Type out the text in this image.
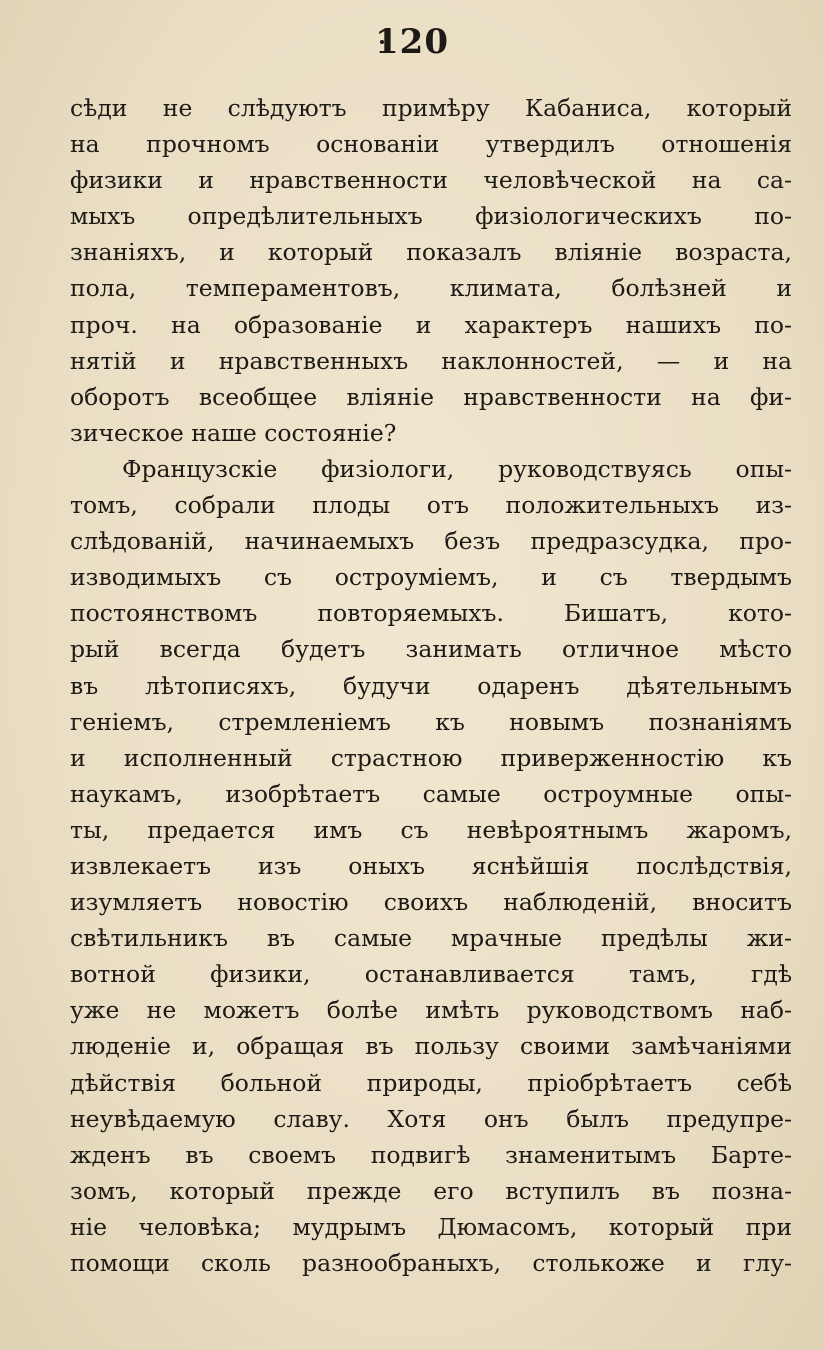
120
сѣди не слѣдуютъ примѣру Кабаниса, который
на прочномъ основанiи утвердилъ отношенiя
физики и нравственности человѣческой на са-
мыхъ опредѣлительныхъ физiологическихъ по-
знанiяхъ, и который показалъ влiянiе возраста,
пола, темпераментовъ, климата, болѣзней и
проч. на образованiе и характеръ нашихъ по-
нятiй и нравственныхъ наклонностей, — и на
оборотъ всеобщее влiянiе нравственности на фи-
зическое наше состоянiе?
Французскiе физiологи, руководствуясь опы-
томъ, собрали плоды отъ положительныхъ из-
слѣдованiй, начинаемыхъ безъ предразсудка, про-
изводимыхъ съ остроумiемъ, и съ твердымъ
постоянствомъ повторяемыхъ. Бишатъ, кото-
рый всегда будетъ занимать отличное мѣсто
въ лѣтописяхъ, будучи одаренъ дѣятельнымъ
генiемъ, стремленiемъ къ новымъ познанiямъ
и исполненный страстною приверженностiю къ
наукамъ, изобрѣтаетъ самые остроумные опы-
ты, предается имъ съ невѣроятнымъ жаромъ,
извлекаетъ изъ оныхъ яснѣйшiя послѣдствiя,
изумляетъ новостiю своихъ наблюденiй, вноситъ
свѣтильникъ въ самые мрачные предѣлы жи-
вотной физики, останавливается тамъ, гдѣ
уже не можетъ болѣе имѣть руководствомъ наб-
люденiе и, обращая въ пользу своими замѣчанiями
дѣйствiя больной природы, прiобрѣтаетъ себѣ
неувѣдаемую славу. Хотя онъ былъ предупре-
жденъ въ своемъ подвигѣ знаменитымъ Барте-
зомъ, который прежде его вступилъ въ позна-
нiе человѣка; мудрымъ Дюмасомъ, который при
помощи сколь разнообраныхъ, столькоже и глу-
